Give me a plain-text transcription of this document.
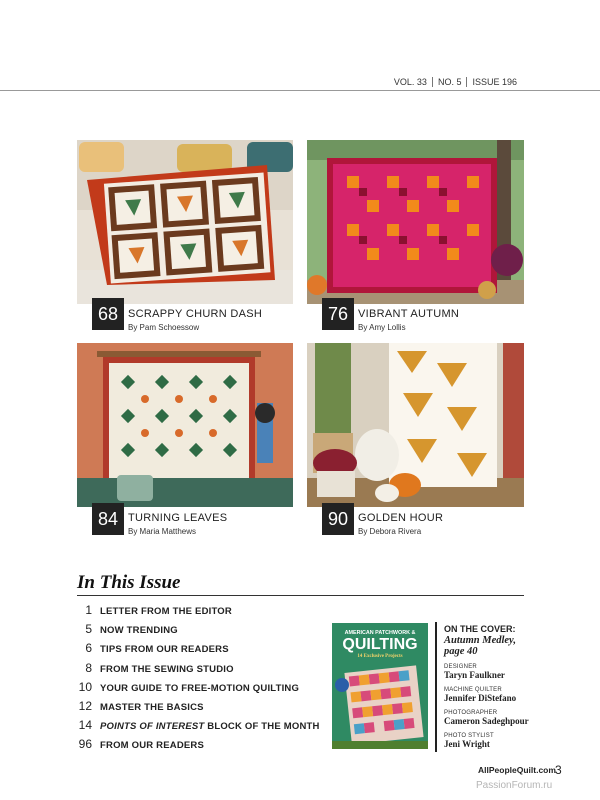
VOL. 33	NO. 5	ISSUE 196
68 SCRAPPY CHURN DASH
By Pam Schoessow
76 VIBRANT AUTUMN
By Amy Lollis
84 TURNING LEAVES
By Maria Matthews
90 GOLDEN HOUR
By Debora Rivera
In This Issue
1 LETTER FROM THE EDITOR
5 NOW TRENDING
6 TIPS FROM OUR READERS
8 FROM THE SEWING STUDIO
10 YOUR GUIDE TO FREE-MOTION QUILTING
12 MASTER THE BASICS
14 POINTS OF INTEREST BLOCK OF THE MONTH
96 FROM OUR READERS
AMERICAN PATCHWORK &
QUILTING
14 Exclusive Projects
ON THE COVER:
Autumn Medley,
page 40
DESIGNER
Taryn Faulkner
MACHINE QUILTER
Jennifer DiStefano
PHOTOGRAPHER
Cameron Sadeghpour
PHOTO STYLIST
Jeni Wright
AllPeopleQuilt.com 3
PassionForum.ru
